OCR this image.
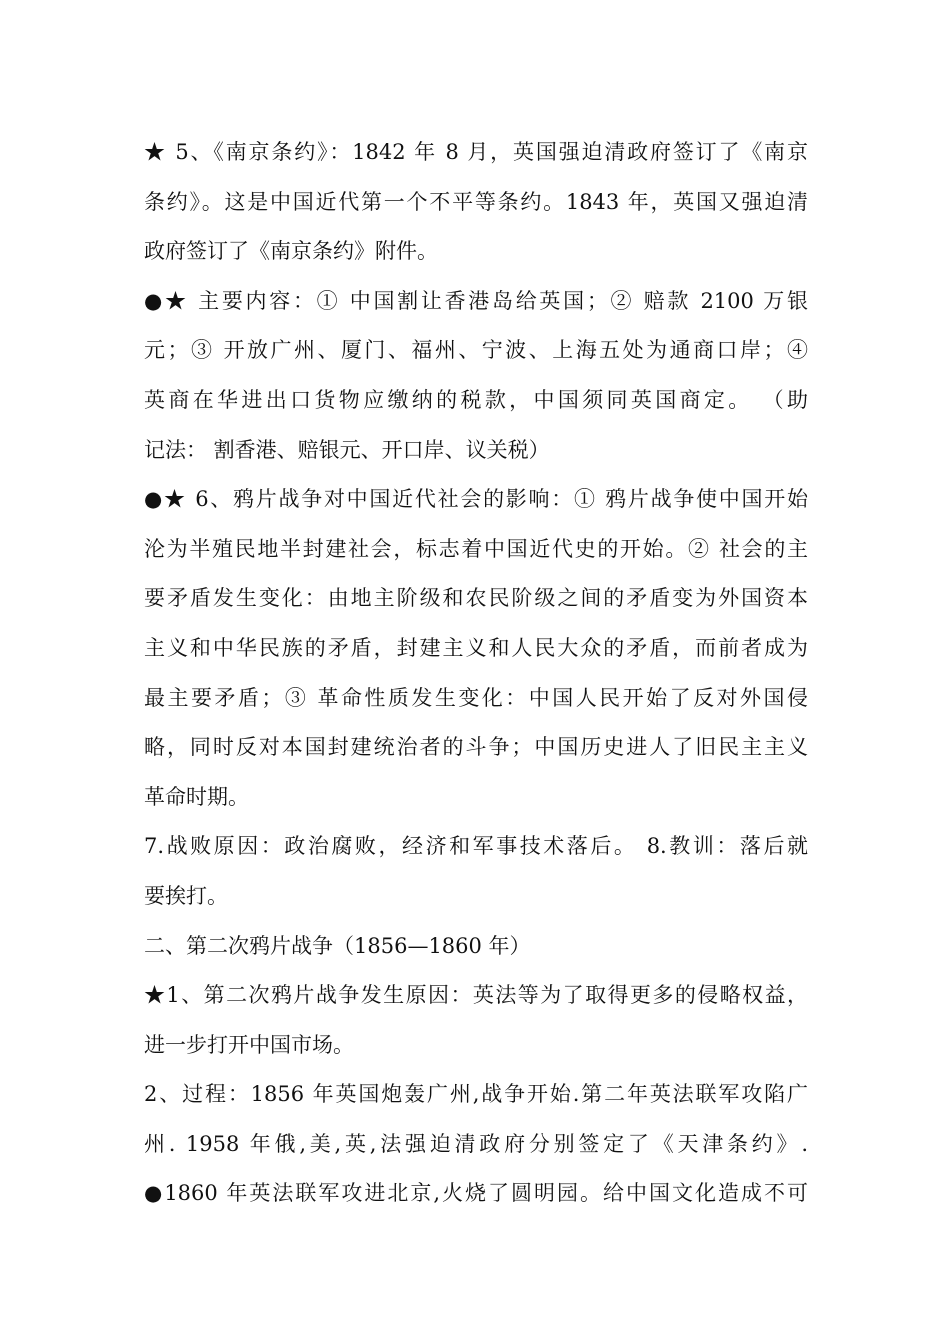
★ 5、《南京条约》：1842 年 8 月，英国强迫清政府签订了《南京
条约》。这是中国近代第一个不平等条约。1843 年，英国又强迫清
政府签订了《南京条约》附件。

●★ 主要内容：① 中国割让香港岛给英国；② 赔款 2100 万银
元；③ 开放广州、厦门、福州、宁波、上海五处为通商口岸；④
英商在华进出口货物应缴纳的税款，中国须同英国商定。 （助
记法： 割香港、赔银元、开口岸、议关税）

●★ 6、鸦片战争对中国近代社会的影响：① 鸦片战争使中国开始
沦为半殖民地半封建社会，标志着中国近代史的开始。② 社会的主
要矛盾发生变化：由地主阶级和农民阶级之间的矛盾变为外国资本
主义和中华民族的矛盾，封建主义和人民大众的矛盾，而前者成为
最主要矛盾；③ 革命性质发生变化：中国人民开始了反对外国侵
略，同时反对本国封建统治者的斗争；中国历史进人了旧民主主义
革命时期。

7.战败原因：政治腐败，经济和军事技术落后。 8.教训：落后就
要挨打。

二、第二次鸦片战争（1856—1860 年）

★1、第二次鸦片战争发生原因：英法等为了取得更多的侵略权益，
进一步打开中国市场。

2、过程：1856 年英国炮轰广州,战争开始.第二年英法联军攻陷广
州. 1958 年俄,美,英,法强迫清政府分别签定了《天津条约》.
●1860 年英法联军攻进北京,火烧了圆明园。给中国文化造成不可
